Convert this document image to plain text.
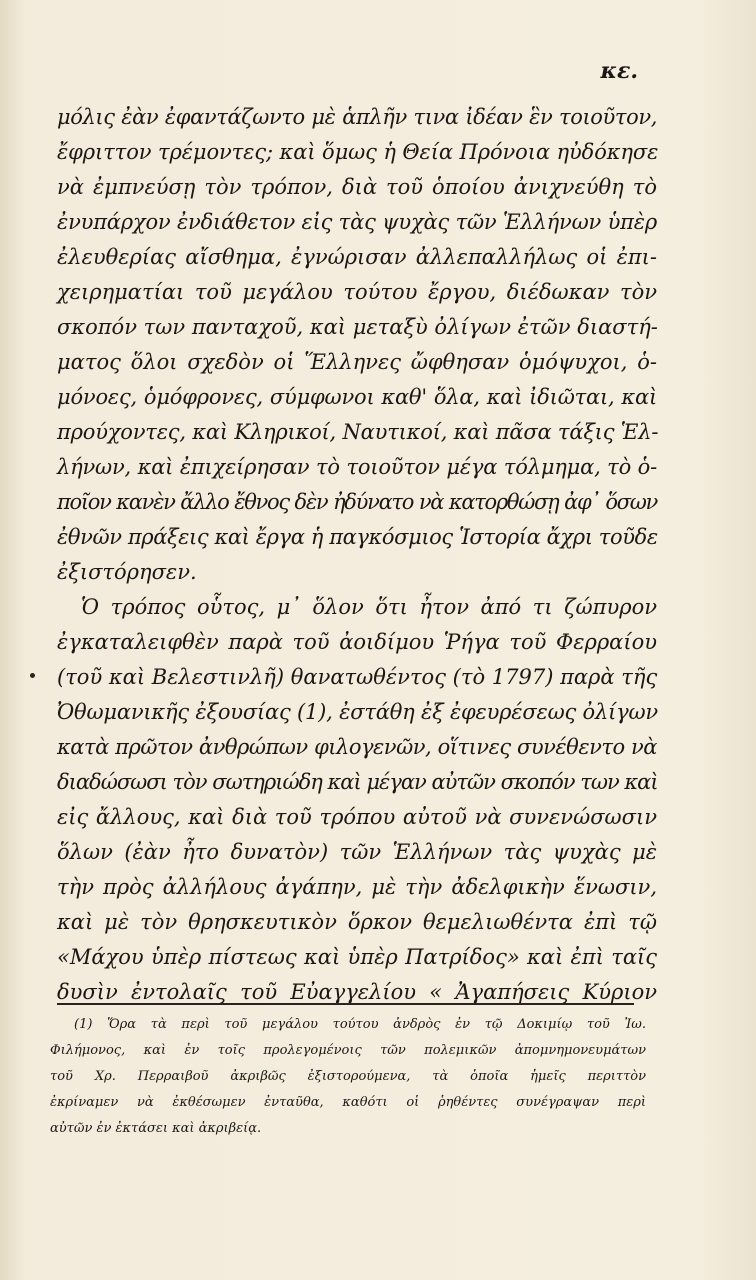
κε.
μόλις ἐὰν ἐφαντάζωντο μὲ ἁπλῆν τινα ἰδέαν ἓν τοιοῦτον,
ἔφριττον τρέμοντες; καὶ ὅμως ἡ Θεία Πρόνοια ηὐδόκησε
νὰ ἐμπνεύσῃ τὸν τρόπον, διὰ τοῦ ὁποίου ἀνιχνεύθη τὸ
ἐνυπάρχον ἐνδιάθετον εἰς τὰς ψυχὰς τῶν Ἑλλήνων ὑπὲρ
ἐλευθερίας αἴσθημα, ἐγνώρισαν ἀλλεπαλλήλως οἱ ἐπι-
χειρηματίαι τοῦ μεγάλου τούτου ἔργου, διέδωκαν τὸν
σκοπόν των πανταχοῦ, καὶ μεταξὺ ὀλίγων ἐτῶν διαστή-
ματος ὅλοι σχεδὸν οἱ Ἕλληνες ὤφθησαν ὁμόψυχοι, ὁ-
μόνοες, ὁμόφρονες, σύμφωνοι καθ' ὅλα, καὶ ἰδιῶται, καὶ
προύχοντες, καὶ Κληρικοί, Ναυτικοί, καὶ πᾶσα τάξις Ἑλ-
λήνων, καὶ ἐπιχείρησαν τὸ τοιοῦτον μέγα τόλμημα, τὸ ὁ-
ποῖον κανὲν ἄλλο ἔθνος δὲν ἠδύνατο νὰ κατορθώσῃ ἀφ᾽ ὅσων
ἐθνῶν πράξεις καὶ ἔργα ἡ παγκόσμιος Ἱστορία ἄχρι τοῦδε
ἐξιστόρησεν.
Ὁ τρόπος οὗτος, μ᾽ ὅλον ὅτι ἦτον ἀπό τι ζώπυρον
ἐγκαταλειφθὲν παρὰ τοῦ ἀοιδίμου Ῥήγα τοῦ Φερραίου
(τοῦ καὶ Βελεστινλῆ) θανατωθέντος (τὸ 1797) παρὰ τῆς
Ὀθωμανικῆς ἐξουσίας (1), ἐστάθη ἐξ ἐφευρέσεως ὀλίγων
κατὰ πρῶτον ἀνθρώπων φιλογενῶν, οἵτινες συνέθεντο νὰ
διαδώσωσι τὸν σωτηριώδη καὶ μέγαν αὐτῶν σκοπόν των καὶ
εἰς ἄλλους, καὶ διὰ τοῦ τρόπου αὐτοῦ νὰ συνενώσωσιν
ὅλων (ἐὰν ἦτο δυνατὸν) τῶν Ἑλλήνων τὰς ψυχὰς μὲ
τὴν πρὸς ἀλλήλους ἀγάπην, μὲ τὴν ἀδελφικὴν ἕνωσιν,
καὶ μὲ τὸν θρησκευτικὸν ὅρκον θεμελιωθέντα ἐπὶ τῷ
«Μάχου ὑπὲρ πίστεως καὶ ὑπὲρ Πατρίδος» καὶ ἐπὶ ταῖς
δυσὶν ἐντολαῖς τοῦ Εὐαγγελίου « Ἀγαπήσεις Κύριον
(1) Ὅρα τὰ περὶ τοῦ μεγάλου τούτου ἀνδρὸς ἐν τῷ Δοκιμίῳ τοῦ Ἰω.
Φιλήμονος, καὶ ἐν τοῖς προλεγομένοις τῶν πολεμικῶν ἀπομνημονευμάτων
τοῦ Χρ. Περραιβοῦ ἀκριβῶς ἐξιστορούμενα, τὰ ὁποῖα ἡμεῖς περιττὸν
ἐκρίναμεν νὰ ἐκθέσωμεν ἐνταῦθα, καθότι οἱ ῥηθέντες συνέγραψαν περὶ
αὐτῶν ἐν ἐκτάσει καὶ ἀκριβείᾳ.
